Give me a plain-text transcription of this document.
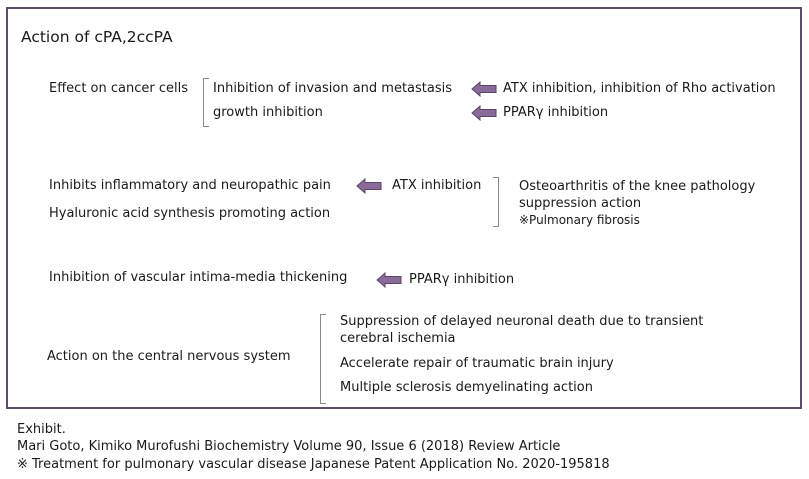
Action of cPA,2ccPA
Effect on cancer cells Inhibition of invasion and metastasis
growth inhibition
ATX inhibition, inhibition of Rho activation
PPARγ inhibition
Inhibits inflammatory and neuropathic pain
Hyaluronic acid synthesis promoting action
ATX inhibition	Osteoarthritis of the knee pathology
suppression action
※Pulmonary fibrosis
Inhibition of vascular intima-media thickening	PPARγ inhibition
Action on the central nervous system
Suppression of delayed neuronal death due to transient cerebral ischemia
Accelerate repair of traumatic brain injury
Multiple sclerosis demyelinating action
Exhibit.
Mari Goto, Kimiko Murofushi Biochemistry Volume 90, Issue 6 (2018) Review Article
※ Treatment for pulmonary vascular disease Japanese Patent Application No. 2020-195818
